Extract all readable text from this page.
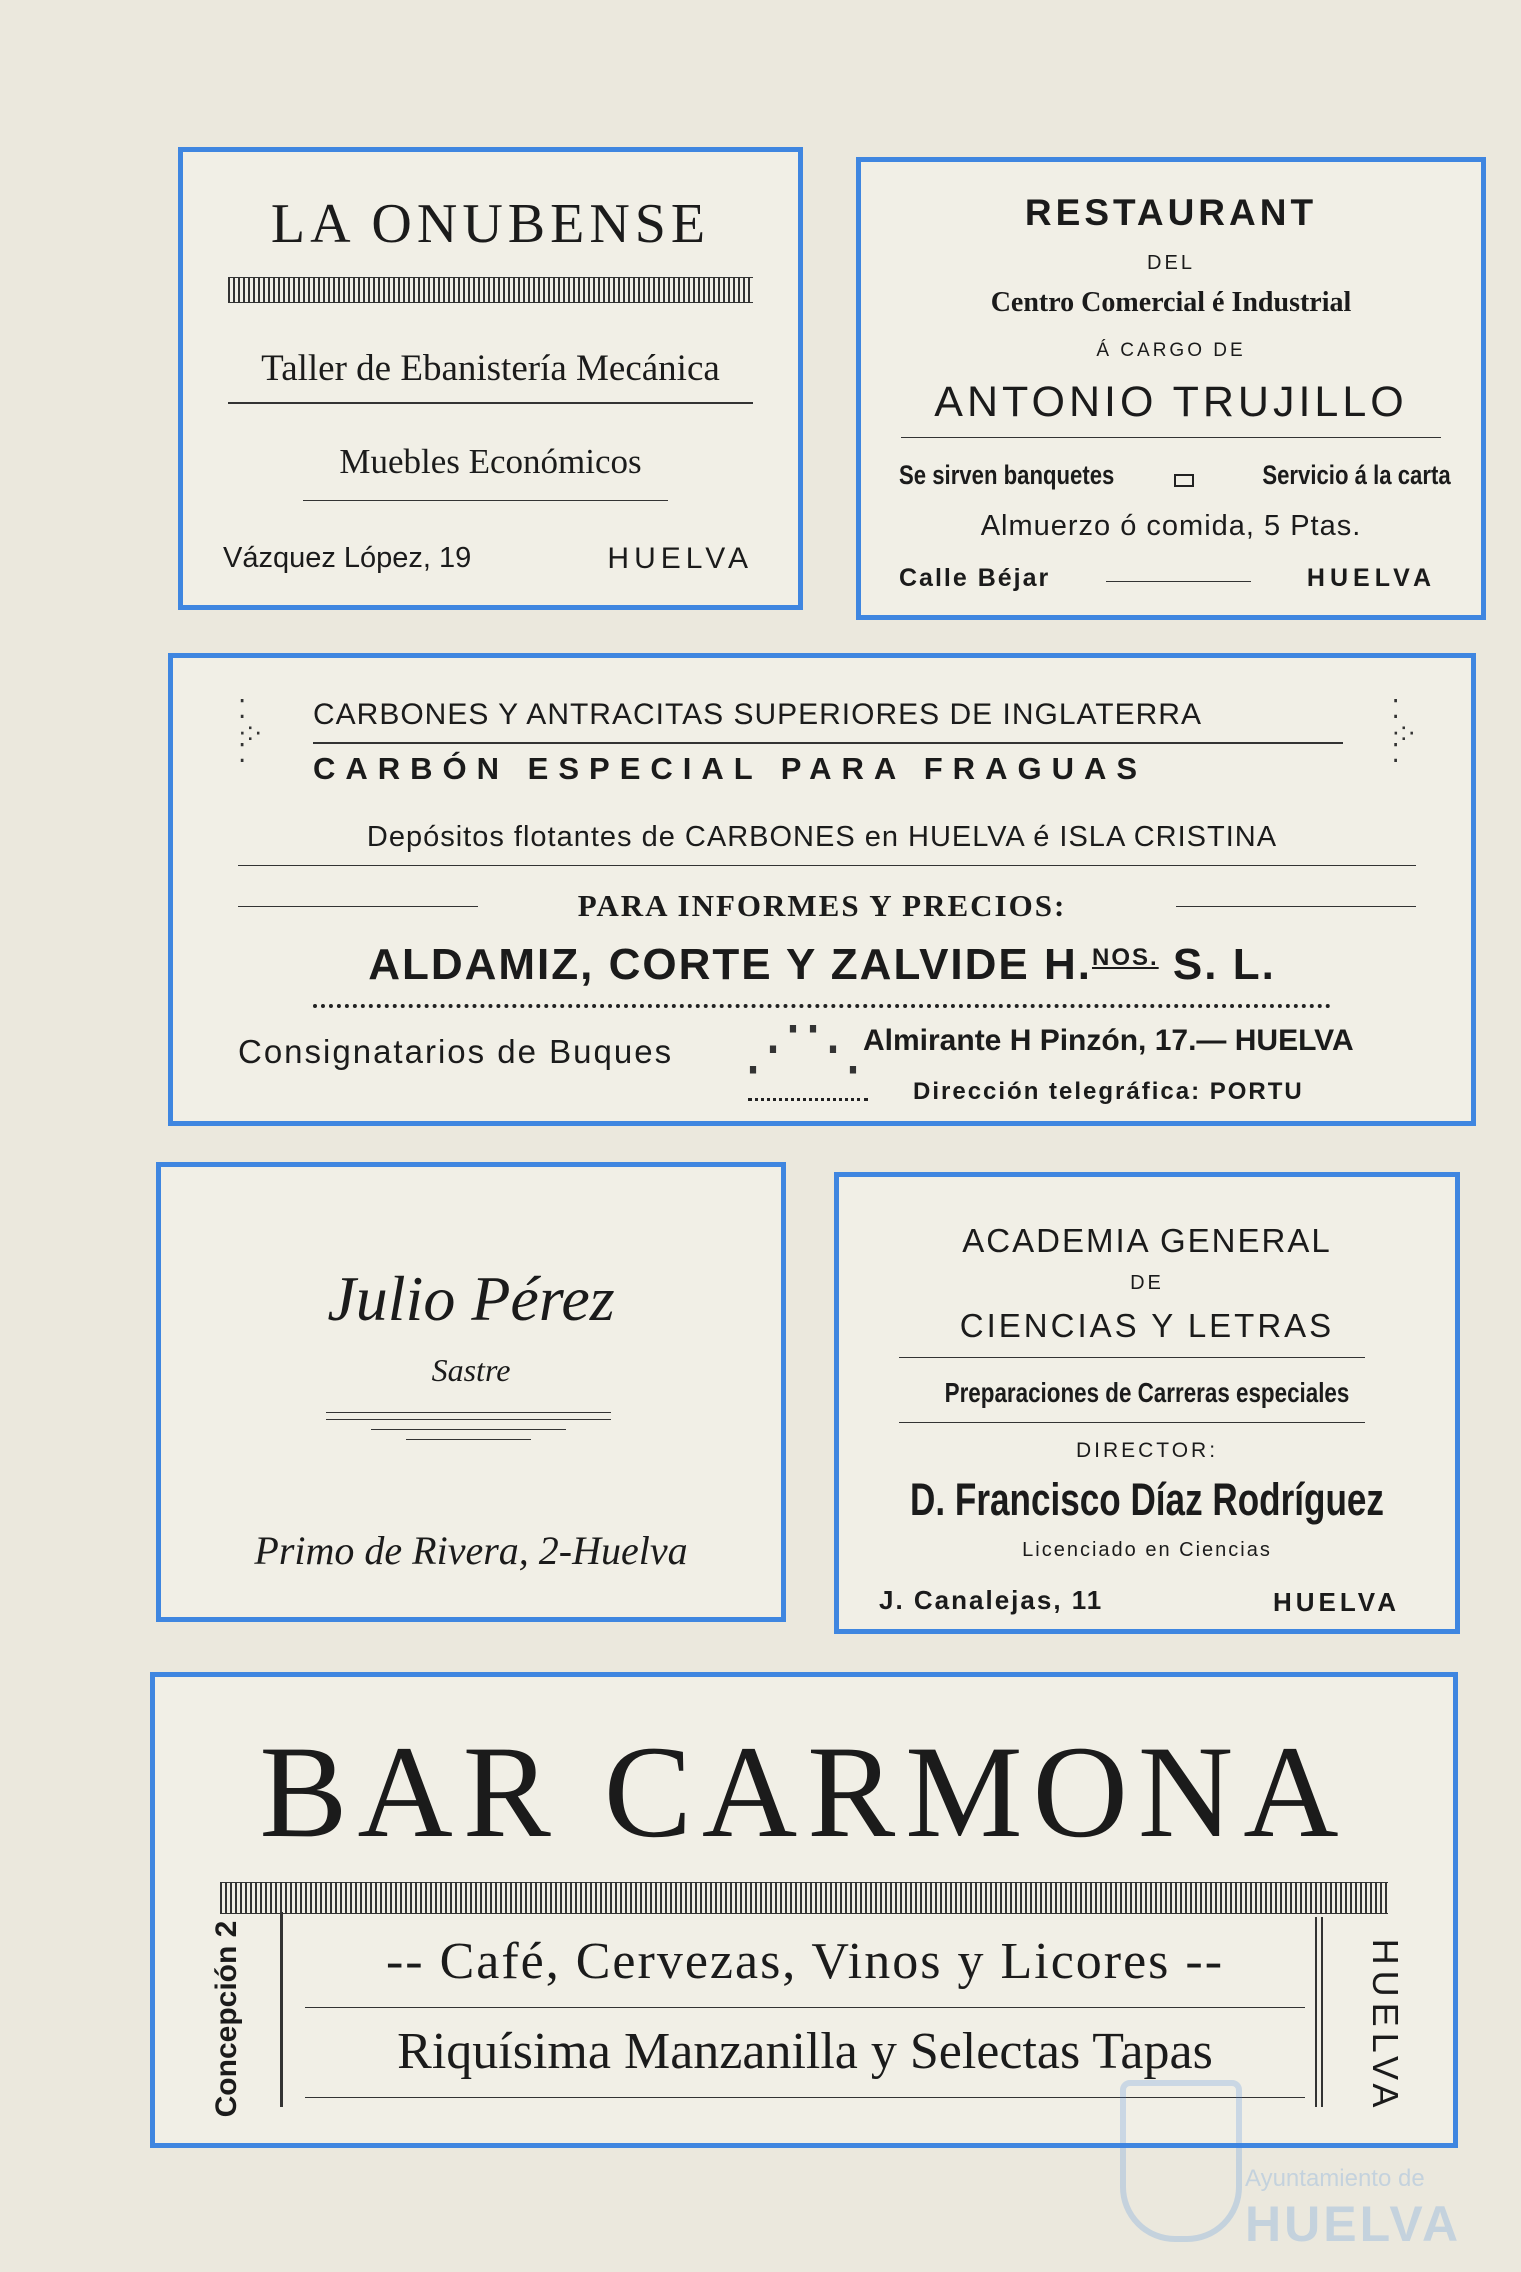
LA ONUBENSE
Taller de Ebanistería Mecánica
Muebles Económicos
Vázquez López, 19	HUELVA
RESTAURANT
DEL
Centro Comercial é Industrial
Á CARGO DE
ANTONIO TRUJILLO
Se sirven banquetes	Servicio á la carta
Almuerzo ó comida, 5 Ptas.
Calle Béjar	HUELVA
⁚
·:·
⁚
CARBONES Y ANTRACITAS SUPERIORES DE INGLATERRA
CARBÓN ESPECIAL PARA FRAGUAS
⁚
·:·
⁚
Depósitos flotantes de CARBONES en HUELVA é ISLA CRISTINA
PARA INFORMES Y PRECIOS:
ALDAMIZ, CORTE Y ZALVIDE H.$^{NOS.}$ S. L.
Consignatarios de Buques ⋰⋱ Almirante H Pinzón, 17.— HUELVA
Dirección telegráfica: PORTU
Julio Pérez
Sastre
Primo de Rivera, 2-Huelva
ACADEMIA GENERAL
DE
CIENCIAS Y LETRAS
Preparaciones de Carreras especiales
DIRECTOR:
D. Francisco Díaz Rodríguez
Licenciado en Ciencias
J. Canalejas, 11	HUELVA
BAR CARMONA
Concepción 2	-- Café, Cervezas, Vinos y Licores --
Riquísima Manzanilla y Selectas Tapas	HUELVA
Ayuntamiento de
HUELVA
